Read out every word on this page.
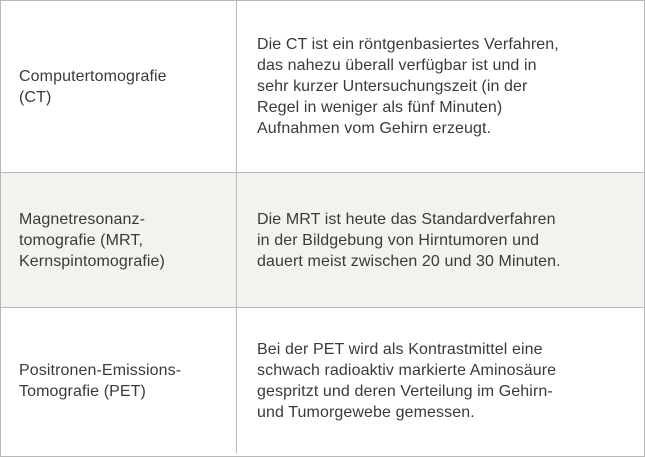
Computertomografie
(CT)
Die CT ist ein röntgenbasiertes Verfahren,
das nahezu überall verfügbar ist und in
sehr kurzer Untersuchungszeit (in der
Regel in weniger als fünf Minuten)
Aufnahmen vom Gehirn erzeugt.
Magnetresonanz-
tomografie (MRT,
Kernspintomografie)
Die MRT ist heute das Standardverfahren
in der Bildgebung von Hirntumoren und
dauert meist zwischen 20 und 30 Minuten.
Positronen-Emissions-
Tomografie (PET)
Bei der PET wird als Kontrastmittel eine
schwach radioaktiv markierte Aminosäure
gespritzt und deren Verteilung im Gehirn-
und Tumorgewebe gemessen.
